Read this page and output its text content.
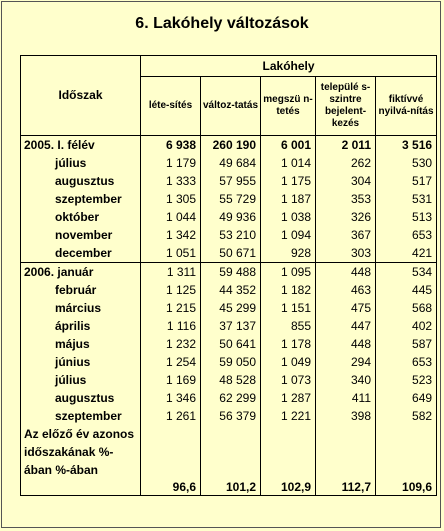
6. Lakóhely változások
Időszak	Lakóhely				
	léte-sítés	változ-tatás	megszü n-tetés	települé s-szintre bejelent-kezés	fiktívvé nyilvá-nítás
2005. I. félév	6 938	260 190	6 001	2 011	3 516
július	1 179	49 684	1 014	262	530
augusztus	1 333	57 955	1 175	304	517
szeptember	1 305	55 729	1 187	353	531
október	1 044	49 936	1 038	326	513
november	1 342	53 210	1 094	367	653
december	1 051	50 671	928	303	421
2006. január	1 311	59 488	1 095	448	534
február	1 125	44 352	1 182	463	445
március	1 215	45 299	1 151	475	568
április	1 116	37 137	855	447	402
május	1 232	50 641	1 178	448	587
június	1 254	59 050	1 049	294	653
július	1 169	48 528	1 073	340	523
augusztus	1 346	62 299	1 287	411	649
szeptember	1 261	56 379	1 221	398	582
Az előző év azonos időszakának %-ában %-ában	96,6	101,2	102,9	112,7	109,6
